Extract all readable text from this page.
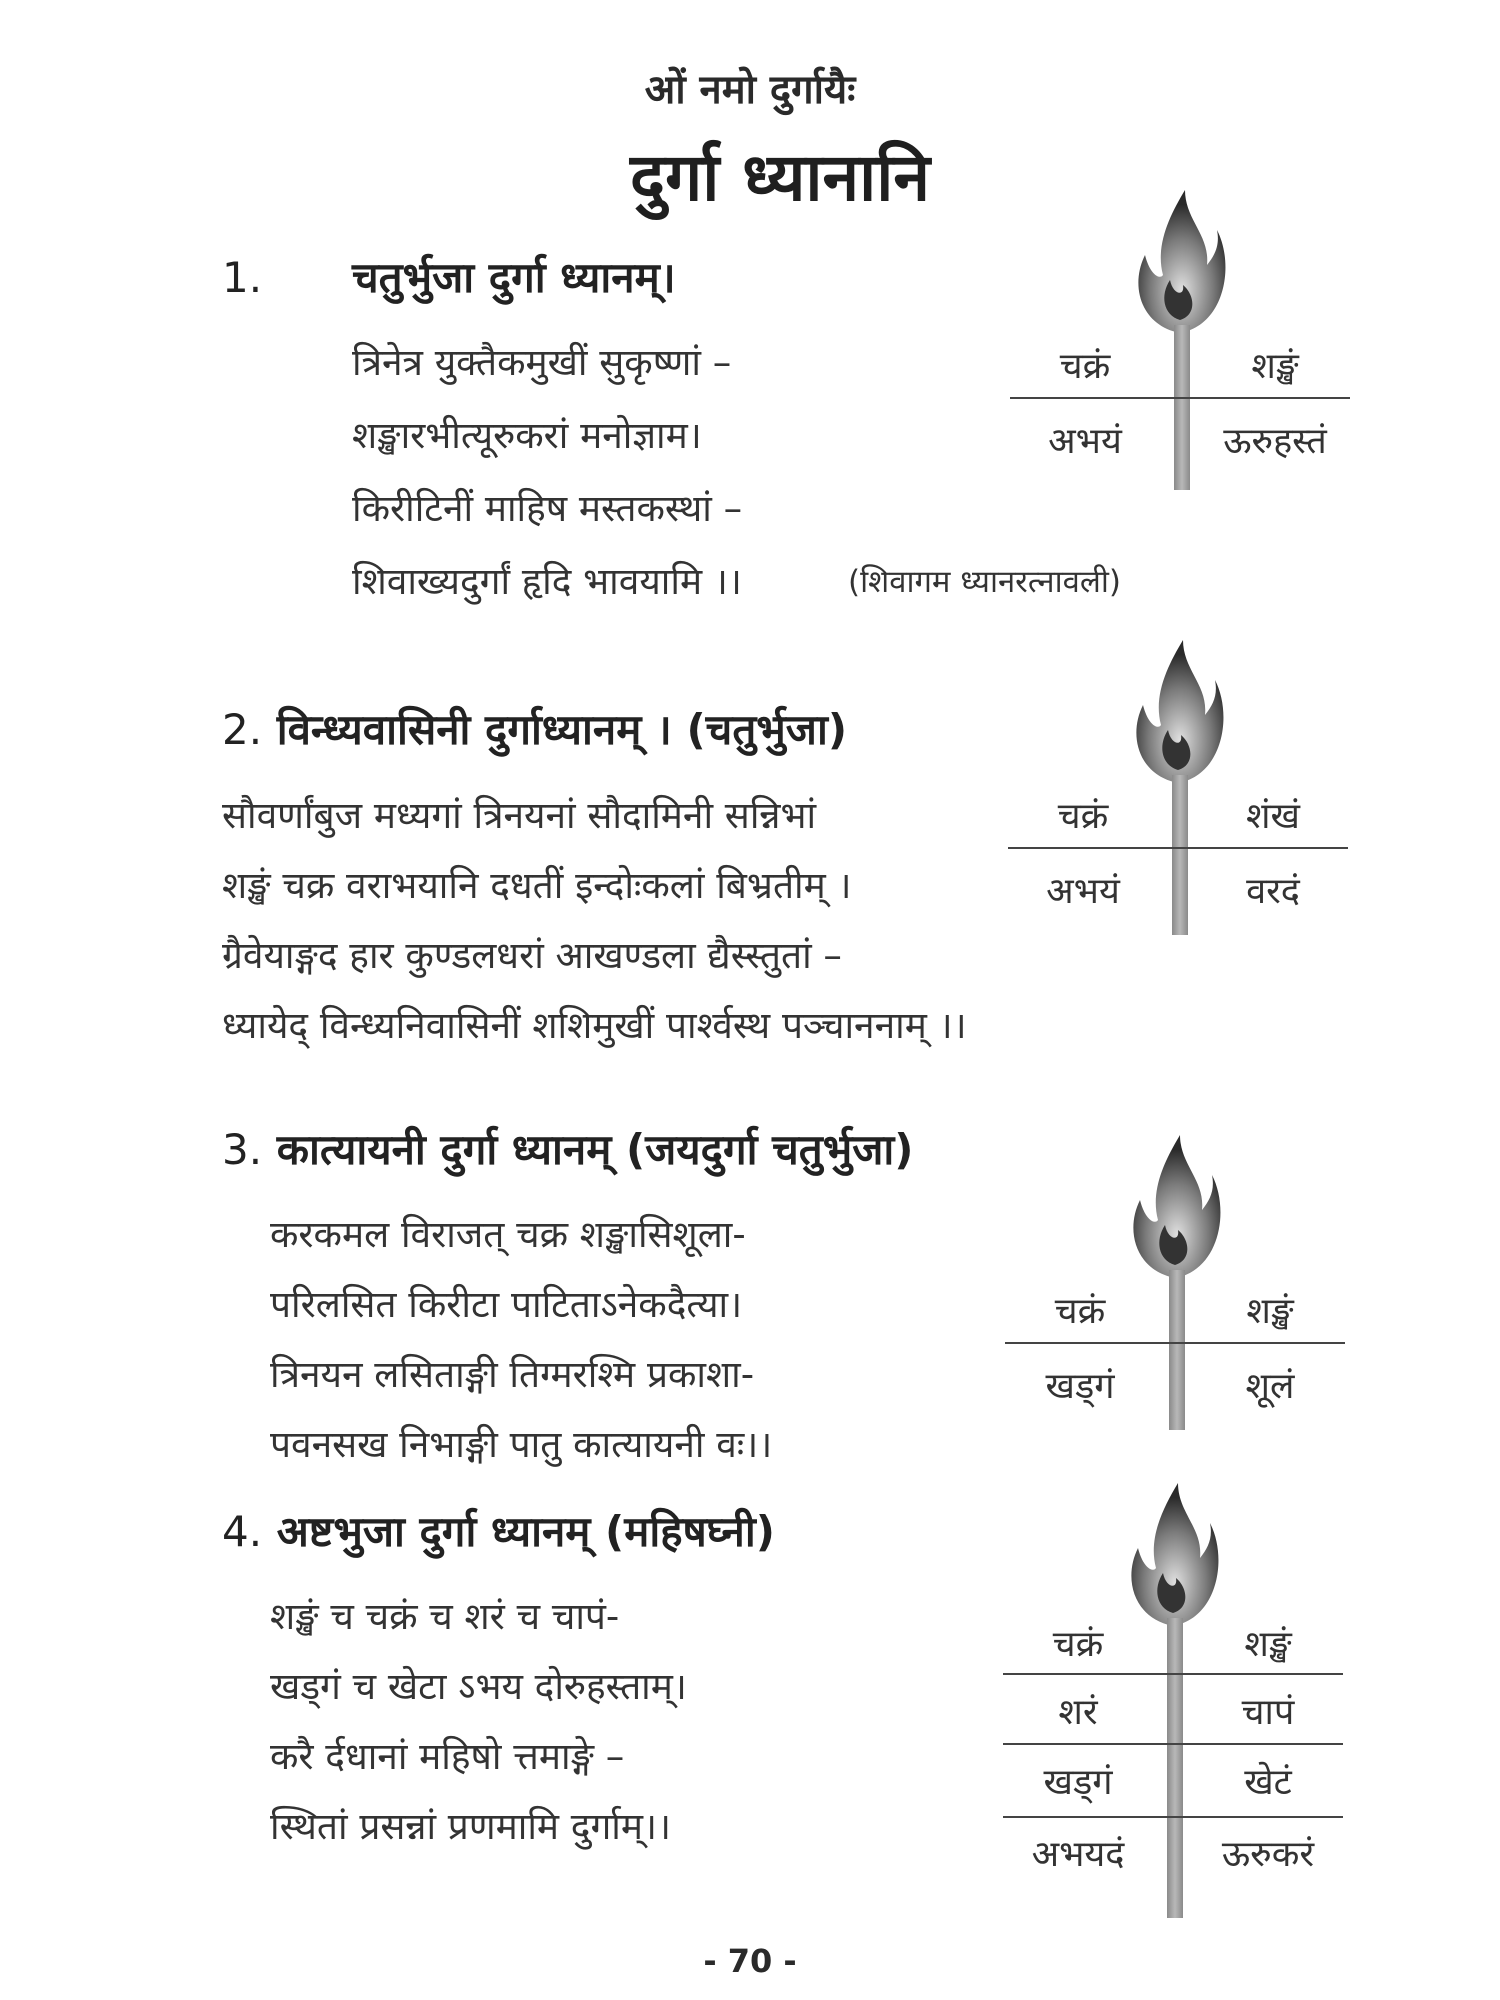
ओं नमो दुर्गायैः
दुर्गा ध्यानानि
1. चतुर्भुजा दुर्गा ध्यानम्।
त्रिनेत्र युक्तैकमुखीं सुकृष्णां –
शङ्खारभीत्यूरुकरां मनोज्ञाम।
किरीटिनीं माहिष मस्तकस्थां –
शिवाख्यदुर्गां हृदि भावयामि ।।	(शिवागम ध्यानरत्नावली)
चक्रं	शङ्खं
अभयं	ऊरुहस्तं
2. विन्ध्यवासिनी दुर्गाध्यानम् । (चतुर्भुजा)
सौवर्णांबुज मध्यगां त्रिनयनां सौदामिनी सन्निभां
शङ्खं चक्र वराभयानि दधतीं इन्दोःकलां बिभ्रतीम् ।
ग्रैवेयाङ्गद हार कुण्डलधरां आखण्डला द्यैस्स्तुतां –
ध्यायेद् विन्ध्यनिवासिनीं शशिमुखीं पार्श्वस्थ पञ्चाननाम् ।।
चक्रं	शंखं
अभयं	वरदं
3. कात्यायनी दुर्गा ध्यानम् (जयदुर्गा चतुर्भुजा)
करकमल विराजत् चक्र शङ्खासिशूला-
परिलसित किरीटा पाटिताऽनेकदैत्या।
त्रिनयन लसिताङ्गी तिग्मरश्मि प्रकाशा-
पवनसख निभाङ्गी पातु कात्यायनी वः।।
चक्रं	शङ्खं
खड्गं	शूलं
4. अष्टभुजा दुर्गा ध्यानम् (महिषघ्नी)
शङ्खं च चक्रं च शरं च चापं-
खड्गं च खेटा ऽभय दोरुहस्ताम्।
करै र्दधानां महिषो त्तमाङ्गे –
स्थितां प्रसन्नां प्रणमामि दुर्गाम्।।
चक्रं	शङ्खं
शरं	चापं
खड्गं	खेटं
अभयदं	ऊरुकरं
- 70 -
